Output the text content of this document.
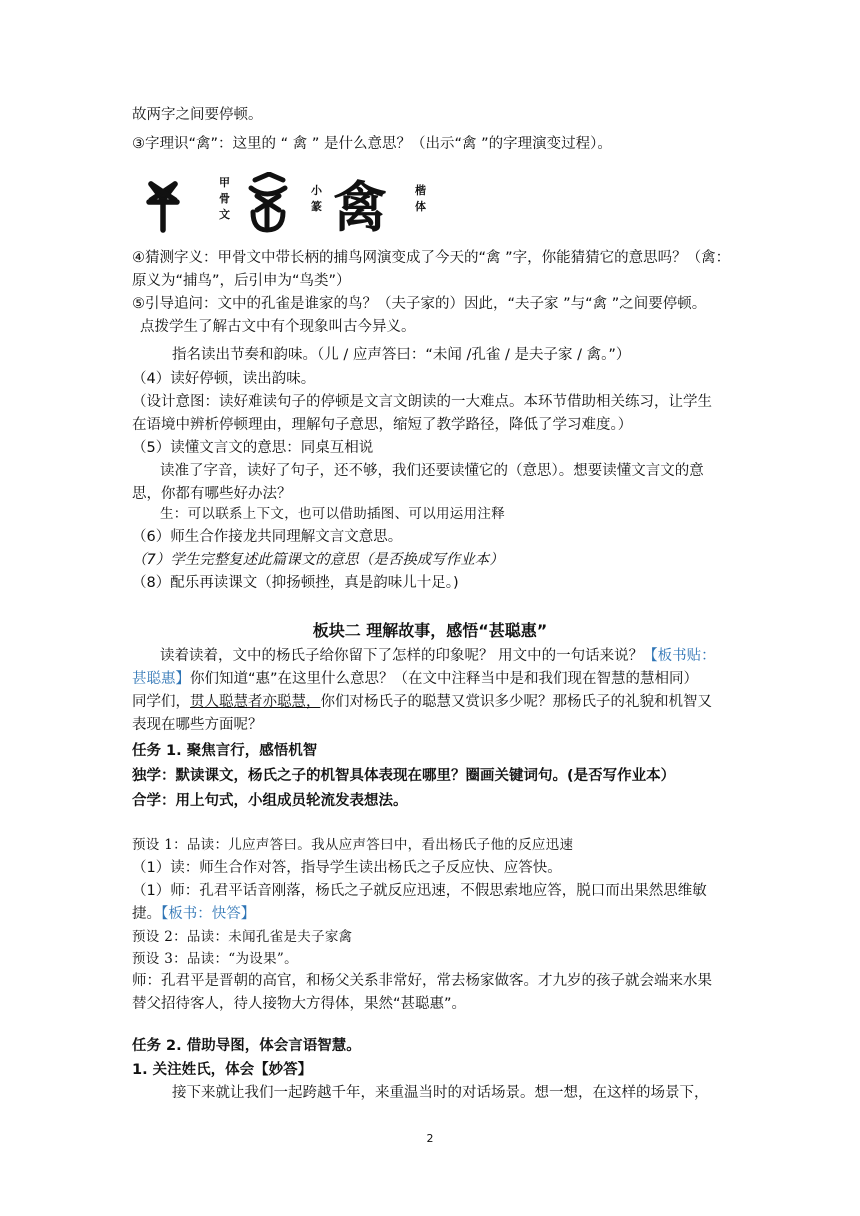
故两字之间要停顿。
③字理识“禽”：这里的 “ 禽 ” 是什么意思？（出示“禽 ”的字理演变过程）。
甲
骨
文
小
篆 禽	楷
体
④猜测字义：甲骨文中带长柄的捕鸟网演变成了今天的“禽 ”字，你能猜猜它的意思吗？（禽：
原义为“捕鸟”，后引申为“鸟类”）
⑤引导追问：文中的孔雀是谁家的鸟？（夫子家的）因此，“夫子家 ”与“禽 ”之间要停顿。
点拨学生了解古文中有个现象叫古今异义。
指名读出节奏和韵味。（儿 / 应声答曰：“未闻 /孔雀 / 是夫子家 / 禽。”）
（4）读好停顿，读出韵味。
（设计意图：读好难读句子的停顿是文言文朗读的一大难点。本环节借助相关练习，让学生
在语境中辨析停顿理由，理解句子意思，缩短了教学路径，降低了学习难度。）
（5）读懂文言文的意思：同桌互相说
读准了字音，读好了句子，还不够，我们还要读懂它的（意思）。想要读懂文言文的意
思，你都有哪些好办法？
生：可以联系上下文，也可以借助插图、可以用运用注释
（6）师生合作接龙共同理解文言文意思。
（7）学生完整复述此篇课文的意思（是否换成写作业本）
（8）配乐再读课文（抑扬顿挫，真是韵味儿十足。)
板块二 理解故事，感悟“甚聪惠”
读着读着，文中的杨氏子给你留下了怎样的印象呢？ 用文中的一句话来说？【板书贴：
甚聪惠】你们知道“惠”在这里什么意思？（在文中注释当中是和我们现在智慧的慧相同）
同学们，贯人聪慧者亦聪慧，你们对杨氏子的聪慧又赏识多少呢？那杨氏子的礼貌和机智又
表现在哪些方面呢？
任务 1. 聚焦言行，感悟机智
独学：默读课文，杨氏之子的机智具体表现在哪里？圈画关键词句。(是否写作业本）
合学：用上句式，小组成员轮流发表想法。
预设 1：品读：儿应声答曰。我从应声答曰中，看出杨氏子他的反应迅速
（1）读：师生合作对答，指导学生读出杨氏之子反应快、应答快。
（1）师：孔君平话音刚落，杨氏之子就反应迅速，不假思索地应答，脱口而出果然思维敏
捷。【板书：快答】
预设 2：品读：未闻孔雀是夫子家禽
预设 3：品读：“为设果”。
师：孔君平是晋朝的高官，和杨父关系非常好，常去杨家做客。才九岁的孩子就会端来水果
替父招待客人，待人接物大方得体，果然“甚聪惠”。
任务 2. 借助导图，体会言语智慧。
1. 关注姓氏，体会【妙答】
接下来就让我们一起跨越千年，来重温当时的对话场景。想一想，在这样的场景下，
2
